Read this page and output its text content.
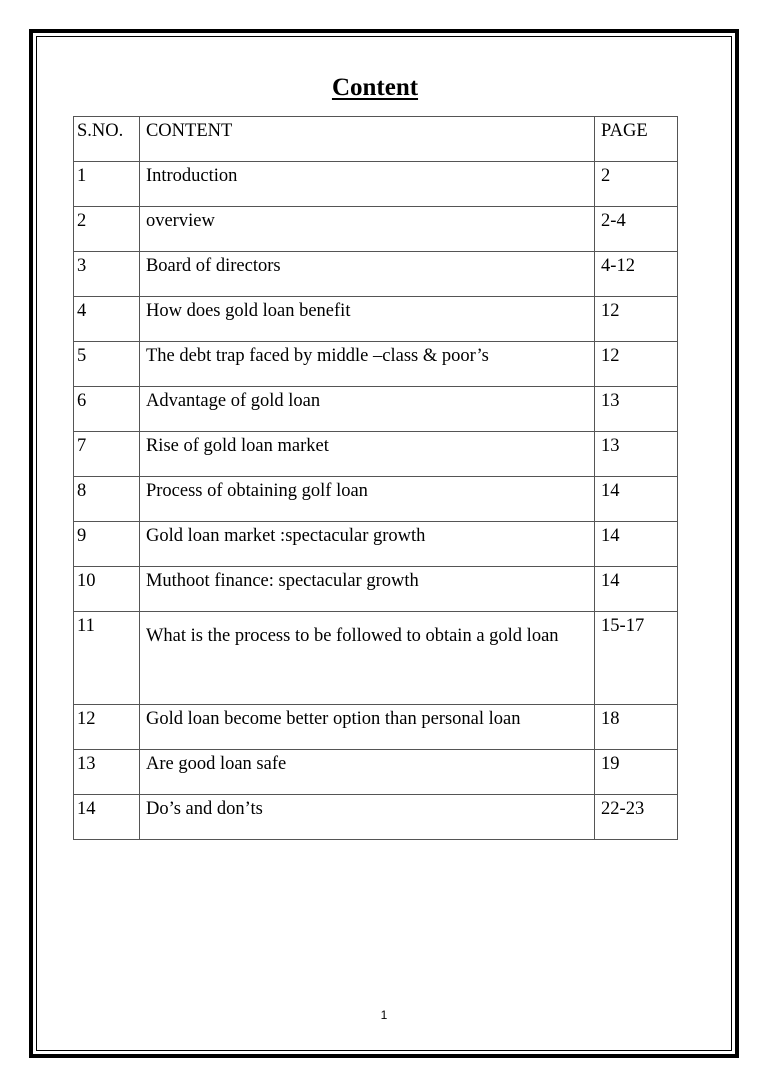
Content
S.NO.	CONTENT	PAGE
1	Introduction	2
2	overview	2-4
3	Board of directors	4-12
4	How does gold loan benefit	12
5	The debt trap faced by middle –class & poor’s	12
6	Advantage of gold loan	13
7	Rise of gold loan market	13
8	Process of obtaining golf loan	14
9	Gold loan market :spectacular growth	14
10	Muthoot finance: spectacular growth	14
11	What is the process to be followed to obtain a gold loan	15-17
12	Gold loan become better option than personal loan	18
13	Are good loan safe	19
14	Do’s and don’ts	22-23
1
